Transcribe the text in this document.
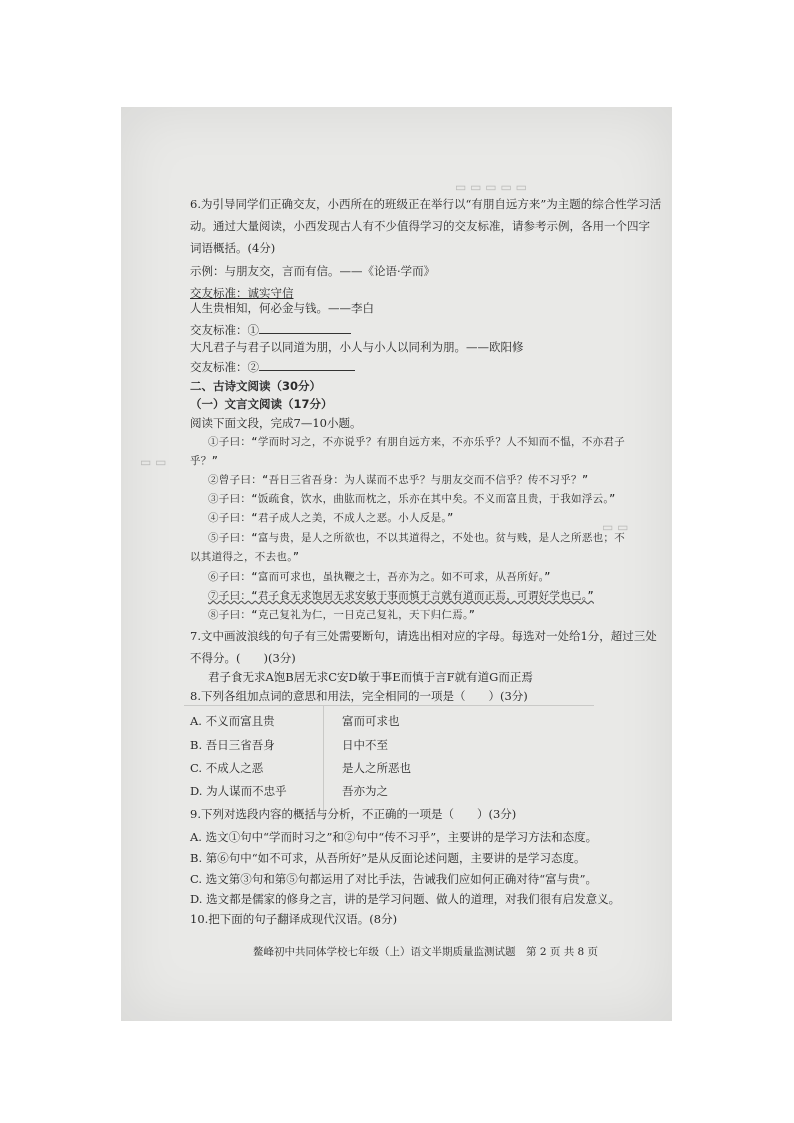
▭ ▭ ▭ ▭ ▭
▭ ▭
▭ ▭
6.为引导同学们正确交友，小西所在的班级正在举行以“有朋自远方来”为主题的综合性学习活
动。通过大量阅读，小西发现古人有不少值得学习的交友标准，请参考示例，各用一个四字
词语概括。(4分)
示例：与朋友交，言而有信。——《论语·学而》
交友标准：诚实守信
人生贵相知，何必金与钱。——李白
交友标准：①
大凡君子与君子以同道为朋，小人与小人以同利为朋。——欧阳修
交友标准：②
二、古诗文阅读（30分）
（一）文言文阅读（17分）
阅读下面文段，完成7—10小题。
①子曰：“学而时习之，不亦说乎？有朋自远方来，不亦乐乎？人不知而不愠，不亦君子
乎？”
②曾子曰：“吾日三省吾身：为人谋而不忠乎？与朋友交而不信乎？传不习乎？”
③子曰：“饭疏食，饮水，曲肱而枕之，乐亦在其中矣。不义而富且贵，于我如浮云。”
④子曰：“君子成人之美，不成人之恶。小人反是。”
⑤子曰：“富与贵，是人之所欲也，不以其道得之，不处也。贫与贱，是人之所恶也；不
以其道得之，不去也。”
⑥子曰：“富而可求也，虽执鞭之士，吾亦为之。如不可求，从吾所好。”
⑦子曰：“君子食无求饱居无求安敏于事而慎于言就有道而正焉，可谓好学也已。”
⑧子曰：“克己复礼为仁，一日克己复礼，天下归仁焉。”
7.文中画波浪线的句子有三处需要断句，请选出相对应的字母。每选对一处给1分，超过三处
不得分。(　　)(3分)
君子食无求A饱B居无求C安D敏于事E而慎于言F就有道G而正焉
8.下列各组加点词的意思和用法，完全相同的一项是（　　）(3分)
A. 不义而富且贵	富而可求也
B. 吾日三省吾身	日中不至
C. 不成人之恶	是人之所恶也
D. 为人谋而不忠乎	吾亦为之
9.下列对选段内容的概括与分析，不正确的一项是（　　）(3分)
A. 选文①句中“学而时习之”和②句中“传不习乎”，主要讲的是学习方法和态度。
B. 第⑥句中“如不可求，从吾所好”是从反面论述问题，主要讲的是学习态度。
C. 选文第③句和第⑤句都运用了对比手法，告诫我们应如何正确对待“富与贵”。
D. 选文都是儒家的修身之言，讲的是学习问题、做人的道理，对我们很有启发意义。
10.把下面的句子翻译成现代汉语。(8分)
鳌峰初中共同体学校七年级（上）语文半期质量监测试题　第 2 页 共 8 页
